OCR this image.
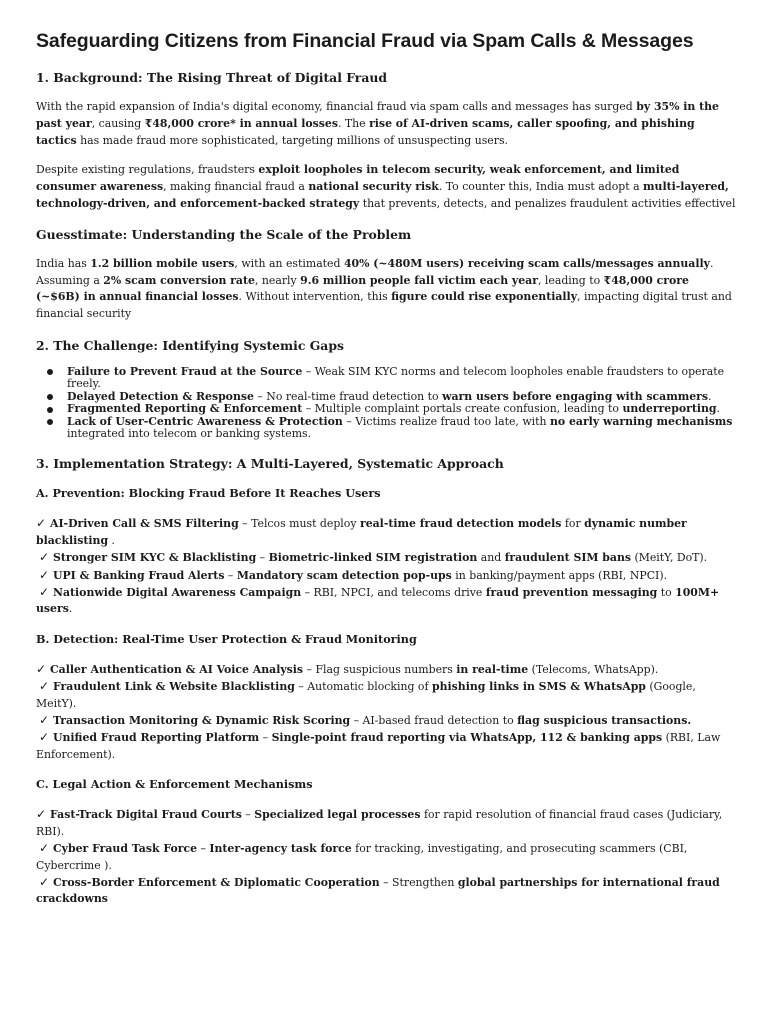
Safeguarding Citizens from Financial Fraud via Spam Calls & Messages
1. Background: The Rising Threat of Digital Fraud

With the rapid expansion of India's digital economy, financial fraud via spam calls and messages has surged by 35% in the past year, causing ₹48,000 crore* in annual losses. The rise of AI-driven scams, caller spoofing, and phishing tactics has made fraud more sophisticated, targeting millions of unsuspecting users.

Despite existing regulations, fraudsters exploit loopholes in telecom security, weak enforcement, and limited consumer awareness, making financial fraud a national security risk. To counter this, India must adopt a multi-layered, technology-driven, and enforcement-backed strategy that prevents, detects, and penalizes fraudulent activities effectivel

Guesstimate: Understanding the Scale of the Problem

India has 1.2 billion mobile users, with an estimated 40% (~480M users) receiving scam calls/messages annually. Assuming a 2% scam conversion rate, nearly 9.6 million people fall victim each year, leading to ₹48,000 crore (~$6B) in annual financial losses. Without intervention, this figure could rise exponentially, impacting digital trust and financial security

2. The Challenge: Identifying Systemic Gaps
Failure to Prevent Fraud at the Source – Weak SIM KYC norms and telecom loopholes enable fraudsters to operate freely.
Delayed Detection & Response – No real-time fraud detection to warn users before engaging with scammers.
Fragmented Reporting & Enforcement – Multiple complaint portals create confusion, leading to underreporting.
Lack of User-Centric Awareness & Protection – Victims realize fraud too late, with no early warning mechanisms integrated into telecom or banking systems.
3. Implementation Strategy: A Multi-Layered, Systematic Approach
A. Prevention: Blocking Fraud Before It Reaches Users
✓ AI-Driven Call & SMS Filtering – Telcos must deploy real-time fraud detection models for dynamic number blacklisting .
✓ Stronger SIM KYC & Blacklisting – Biometric-linked SIM registration and fraudulent SIM bans (MeitY, DoT).
✓ UPI & Banking Fraud Alerts – Mandatory scam detection pop-ups in banking/payment apps (RBI, NPCI).
✓ Nationwide Digital Awareness Campaign – RBI, NPCI, and telecoms drive fraud prevention messaging to 100M+ users.
B. Detection: Real-Time User Protection & Fraud Monitoring
✓ Caller Authentication & AI Voice Analysis – Flag suspicious numbers in real-time (Telecoms, WhatsApp).
✓ Fraudulent Link & Website Blacklisting – Automatic blocking of phishing links in SMS & WhatsApp (Google, MeitY).
✓ Transaction Monitoring & Dynamic Risk Scoring – AI-based fraud detection to flag suspicious transactions.
✓ Unified Fraud Reporting Platform – Single-point fraud reporting via WhatsApp, 112 & banking apps (RBI, Law Enforcement).
C. Legal Action & Enforcement Mechanisms
✓ Fast-Track Digital Fraud Courts – Specialized legal processes for rapid resolution of financial fraud cases (Judiciary, RBI).
✓ Cyber Fraud Task Force – Inter-agency task force for tracking, investigating, and prosecuting scammers (CBI, Cybercrime ).
✓ Cross-Border Enforcement & Diplomatic Cooperation – Strengthen global partnerships for international fraud crackdowns
